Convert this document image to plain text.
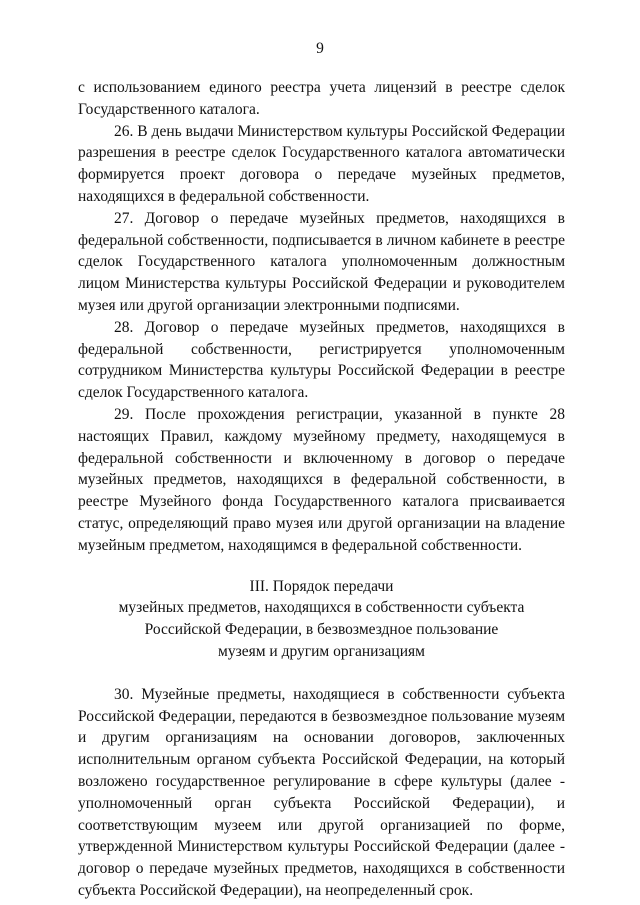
9

с использованием единого реестра учета лицензий в реестре сделок Государственного каталога.

26. В день выдачи Министерством культуры Российской Федерации разрешения в реестре сделок Государственного каталога автоматически формируется проект договора о передаче музейных предметов, находящихся в федеральной собственности.

27. Договор о передаче музейных предметов, находящихся в федеральной собственности, подписывается в личном кабинете в реестре сделок Государственного каталога уполномоченным должностным лицом Министерства культуры Российской Федерации и руководителем музея или другой организации электронными подписями.

28. Договор о передаче музейных предметов, находящихся в федеральной собственности, регистрируется уполномоченным сотрудником Министерства культуры Российской Федерации в реестре сделок Государственного каталога.

29. После прохождения регистрации, указанной в пункте 28 настоящих Правил, каждому музейному предмету, находящемуся в федеральной собственности и включенному в договор о передаче музейных предметов, находящихся в федеральной собственности, в реестре Музейного фонда Государственного каталога присваивается статус, определяющий право музея или другой организации на владение музейным предметом, находящимся в федеральной собственности.

III. Порядок передачи
музейных предметов, находящихся в собственности субъекта
Российской Федерации, в безвозмездное пользование
музеям и другим организациям

30. Музейные предметы, находящиеся в собственности субъекта Российской Федерации, передаются в безвозмездное пользование музеям и другим организациям на основании договоров, заключенных исполнительным органом субъекта Российской Федерации, на который возложено государственное регулирование в сфере культуры (далее - уполномоченный орган субъекта Российской Федерации), и соответствующим музеем или другой организацией по форме, утвержденной Министерством культуры Российской Федерации (далее - договор о передаче музейных предметов, находящихся в собственности субъекта Российской Федерации), на неопределенный срок.
